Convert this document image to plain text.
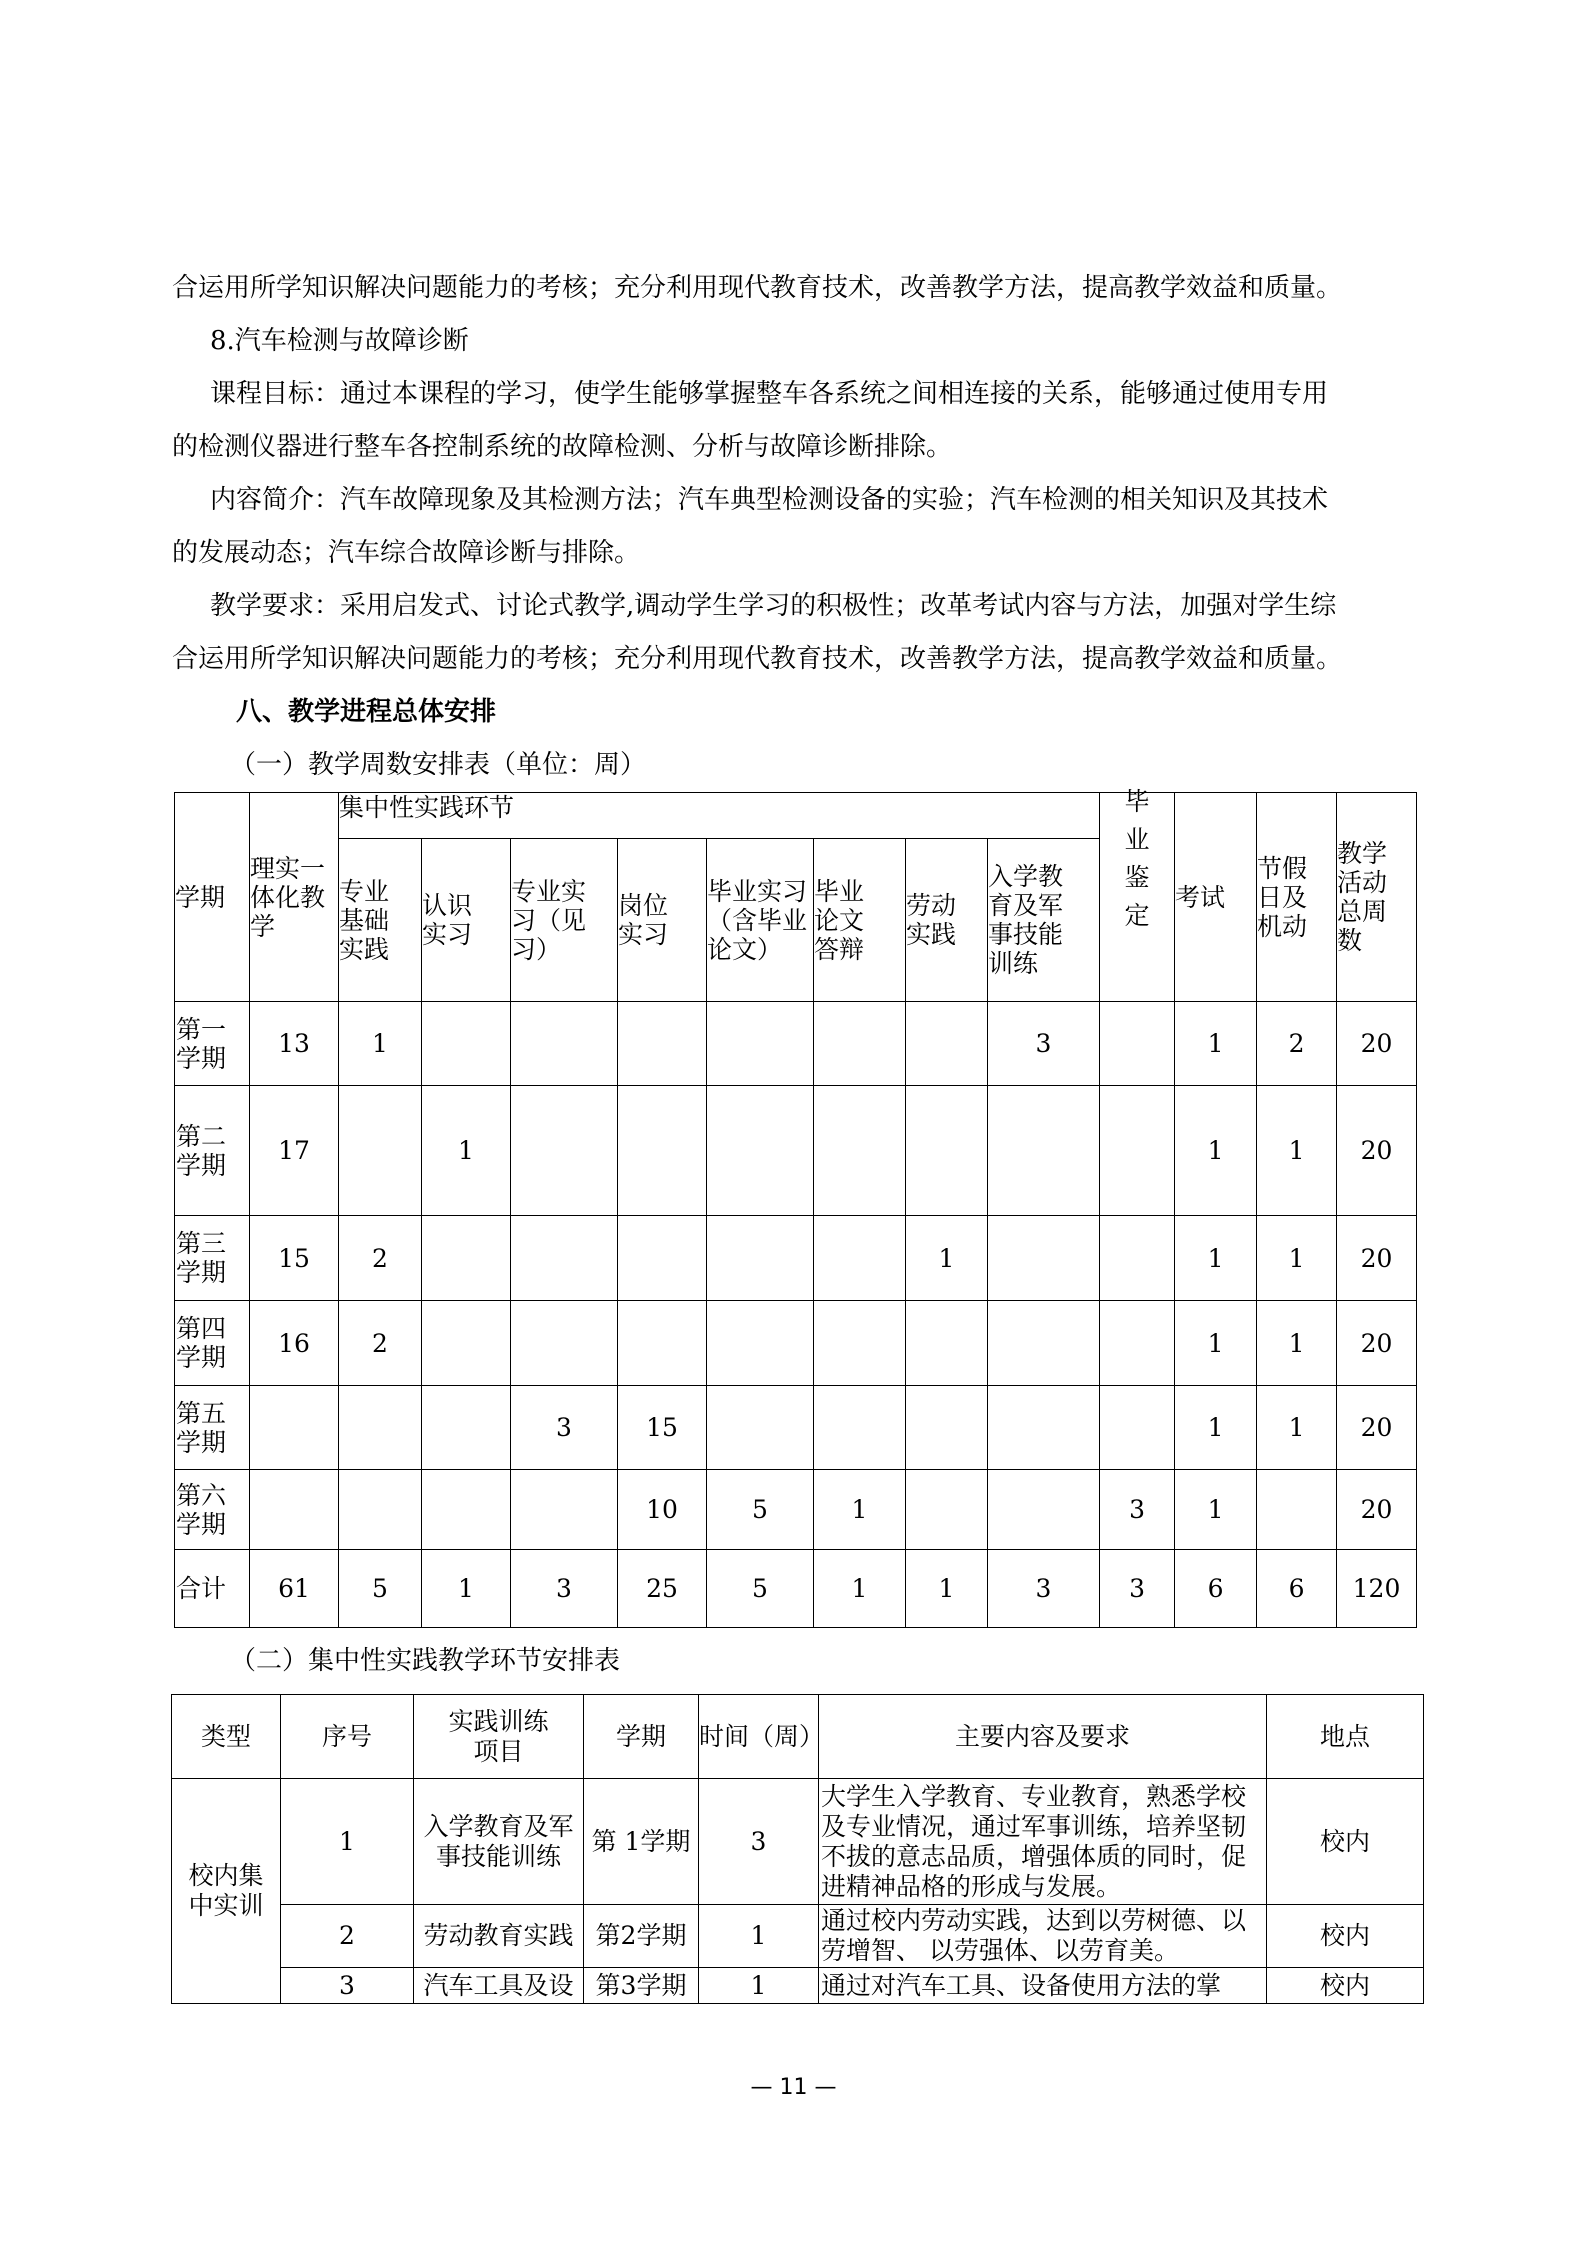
合运用所学知识解决问题能力的考核；充分利用现代教育技术，改善教学方法，提高教学效益和质量。
8.汽车检测与故障诊断
课程目标：通过本课程的学习，使学生能够掌握整车各系统之间相连接的关系，能够通过使用专用
的检测仪器进行整车各控制系统的故障检测、分析与故障诊断排除。
内容简介：汽车故障现象及其检测方法；汽车典型检测设备的实验；汽车检测的相关知识及其技术
的发展动态；汽车综合故障诊断与排除。
教学要求：采用启发式、讨论式教学,调动学生学习的积极性；改革考试内容与方法，加强对学生综
合运用所学知识解决问题能力的考核；充分利用现代教育技术，改善教学方法，提高教学效益和质量。
八、教学进程总体安排
（一）教学周数安排表（单位：周）
学期	理实一体化教学	集中性实践环节								毕业鉴定	考试	节假日及机动	教学活动总周数
		专业基础实践	认识实习	专业实习（见习）	岗位实习	毕业实习（含毕业论文）	毕业论文答辩	劳动实践	入学教育及军事技能训练				
第一学期	13	1							3		1	2	20
第二学期	17		1								1	1	20
第三学期	15	2						1			1	1	20
第四学期	16	2									1	1	20
第五学期				3	15						1	1	20
第六学期					10	5	1			3	1		20
合计	61	5	1	3	25	5	1	1	3	3	6	6	120
（二）集中性实践教学环节安排表
类型	序号	实践训练项目	学期	时间（周）	主要内容及要求	地点
校内集中实训	1	入学教育及军事技能训练	第 1学期	3	大学生入学教育、专业教育，熟悉学校及专业情况，通过军事训练，培养坚韧不拔的意志品质，增强体质的同时，促进精神品格的形成与发展。	校内
	2	劳动教育实践	第2学期	1	通过校内劳动实践，达到以劳树德、以劳增智、 以劳强体、以劳育美。	校内
	3	汽车工具及设	第3学期	1	通过对汽车工具、设备使用方法的掌	校内
— 11 —
